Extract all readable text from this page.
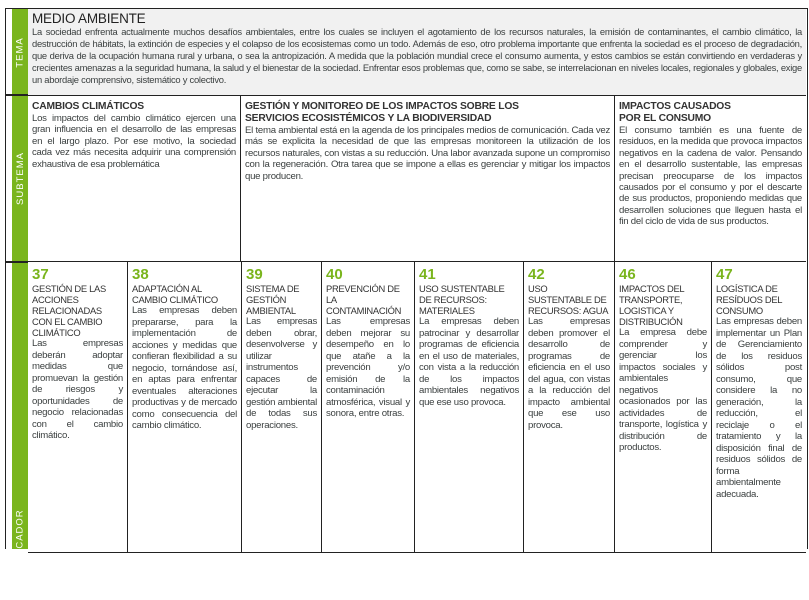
TEMA
SUBTEMA
INDICADOR
MEDIO AMBIENTE

La sociedad enfrenta actualmente muchos desafíos ambientales, entre los cuales se incluyen el agotamiento de los recursos naturales, la emisión de contaminantes, el cambio climático, la destrucción de hábitats, la extinción de especies y el colapso de los ecosistemas como un todo. Además de eso, otro problema importante que enfrenta la sociedad es el proceso de degradación, que deriva de la ocupación humana rural y urbana, o sea la antropización. A medida que la población mundial crece el consumo aumenta, y estos cambios se están convirtiendo en verdaderas y crecientes amenazas a la seguridad humana, la salud y el bienestar de la sociedad. Enfrentar esos problemas que, como se sabe, se interrelacionan en niveles locales, regionales y globales, exige un abordaje comprensivo, sistemático y colectivo.

CAMBIOS CLIMÁTICOS

Los impactos del cambio climático ejercen una gran influencia en el desarrollo de las empresas en el largo plazo. Por ese motivo, la sociedad cada vez más necesita adquirir una comprensión exhaustiva de esa problemática

GESTIÓN Y MONITOREO DE LOS IMPACTOS SOBRE LOS SERVICIOS ECOSISTÉMICOS Y LA BIODIVERSIDAD

El tema ambiental está en la agenda de los principales medios de comunicación. Cada vez más se explicita la necesidad de que las empresas monitoreen la utilización de los recursos naturales, con vistas a su reducción. Una labor avanzada supone un compromiso con la regeneración. Otra tarea que se impone a ellas es gerenciar y mitigar los impactos que producen.

IMPACTOS CAUSADOS POR EL CONSUMO

El consumo también es una fuente de residuos, en la medida que provoca impactos negativos en la cadena de valor. Pensando en el desarrollo sustentable, las empresas precisan preocuparse de los impactos causados por el consumo y por el descarte de sus productos, proponiendo medidas que desarrollen soluciones que lleguen hasta el fin del ciclo de vida de sus productos.

37
GESTIÓN DE LAS ACCIONES RELACIONADAS CON EL CAMBIO CLIMÁTICO

Las empresas deberán adoptar medidas que promuevan la gestión de riesgos y oportunidades de negocio relacionadas con el cambio climático.

38
ADAPTACIÓN AL CAMBIO CLIMÁTICO

Las empresas deben prepararse, para la implementación de acciones y medidas que confieran flexibilidad a su negocio, tornándose así, en aptas para enfrentar eventuales alteraciones productivas y de mercado como consecuencia del cambio climático.

39
SISTEMA DE GESTIÓN AMBIENTAL

Las empresas deben obrar, desenvolverse y utilizar instrumentos capaces de ejecutar la gestión ambiental de todas sus operaciones.

40
PREVENCIÓN DE LA CONTAMINACIÓN

Las empresas deben mejorar su desempeño en lo que atañe a la prevención y/o emisión de la contaminación atmosférica, visual y sonora, entre otras.

41
USO SUSTENTABLE DE RECURSOS: MATERIALES

La empresas deben patrocinar y desarrollar programas de eficiencia en el uso de materiales, con vista a la reducción de los impactos ambientales negativos que ese uso provoca.

42
USO SUSTENTABLE DE RECURSOS: AGUA

Las empresas deben promover el desarrollo de programas de eficiencia en el uso del agua, con vistas a la reducción del impacto ambiental que ese uso provoca.

46
IMPACTOS DEL TRANSPORTE, LOGISTICA Y DISTRIBUCIÓN

La empresa debe comprender y gerenciar los impactos sociales y ambientales negativos ocasionados por las actividades de transporte, logística y distribución de productos.

47
LOGÍSTICA DE RESÍDUOS DEL CONSUMO

Las empresas deben implementar un Plan de Gerenciamiento de los residuos sólidos post consumo, que considere la no generación, la reducción, el reciclaje o el tratamiento y la disposición final de residuos sólidos de forma ambientalmente adecuada.
